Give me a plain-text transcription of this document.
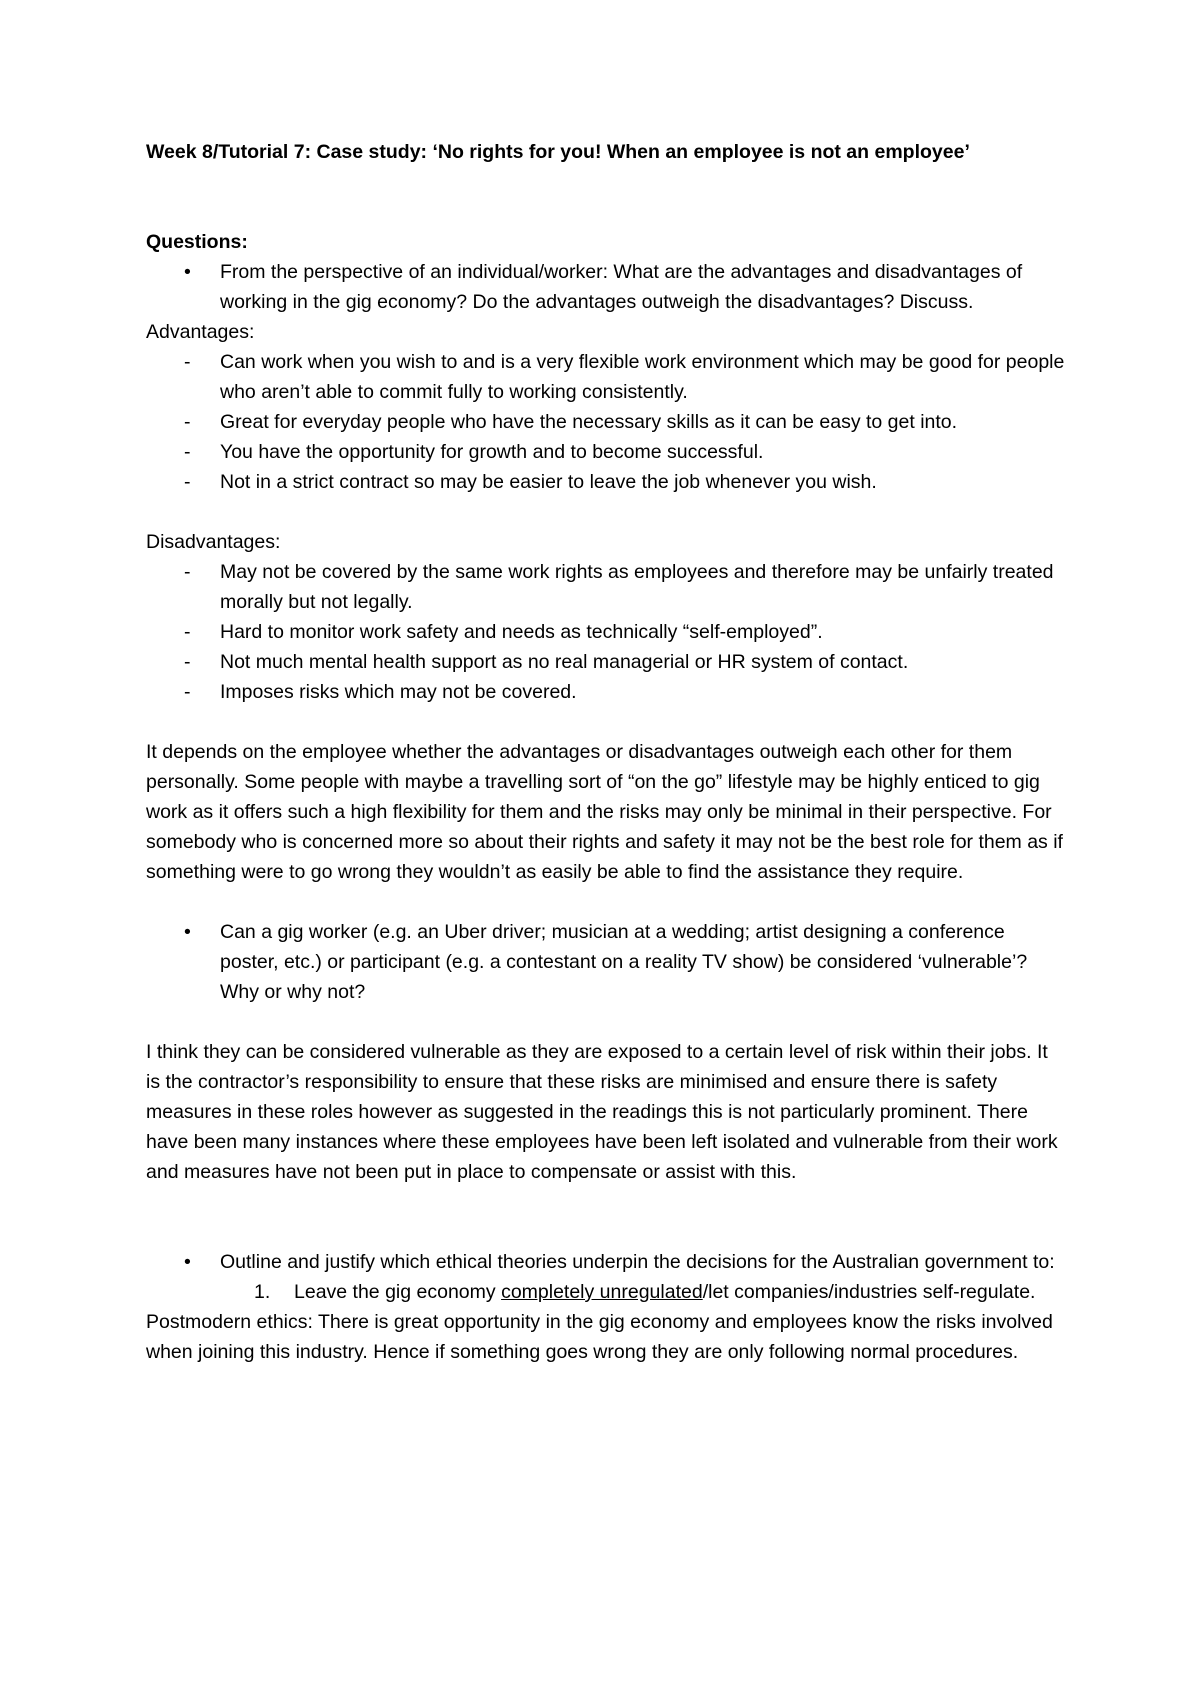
Week 8/Tutorial 7: Case study: ‘No rights for you! When an employee is not an employee’

Questions:

• From the perspective of an individual/worker: What are the advantages and disadvantages of working in the gig economy? Do the advantages outweigh the disadvantages? Discuss.

Advantages:

- Can work when you wish to and is a very flexible work environment which may be good for people who aren’t able to commit fully to working consistently.
- Great for everyday people who have the necessary skills as it can be easy to get into.
- You have the opportunity for growth and to become successful.
- Not in a strict contract so may be easier to leave the job whenever you wish.

Disadvantages:

- May not be covered by the same work rights as employees and therefore may be unfairly treated morally but not legally.
- Hard to monitor work safety and needs as technically “self-employed”.
- Not much mental health support as no real managerial or HR system of contact.
- Imposes risks which may not be covered.

It depends on the employee whether the advantages or disadvantages outweigh each other for them personally. Some people with maybe a travelling sort of “on the go” lifestyle may be highly enticed to gig work as it offers such a high flexibility for them and the risks may only be minimal in their perspective. For somebody who is concerned more so about their rights and safety it may not be the best role for them as if something were to go wrong they wouldn’t as easily be able to find the assistance they require.

• Can a gig worker (e.g. an Uber driver; musician at a wedding; artist designing a conference poster, etc.) or participant (e.g. a contestant on a reality TV show) be considered ‘vulnerable’? Why or why not?

I think they can be considered vulnerable as they are exposed to a certain level of risk within their jobs. It is the contractor’s responsibility to ensure that these risks are minimised and ensure there is safety measures in these roles however as suggested in the readings this is not particularly prominent. There have been many instances where these employees have been left isolated and vulnerable from their work and measures have not been put in place to compensate or assist with this.

• Outline and justify which ethical theories underpin the decisions for the Australian government to:
1. Leave the gig economy completely unregulated/let companies/industries self-regulate.

Postmodern ethics: There is great opportunity in the gig economy and employees know the risks involved when joining this industry. Hence if something goes wrong they are only following normal procedures.
